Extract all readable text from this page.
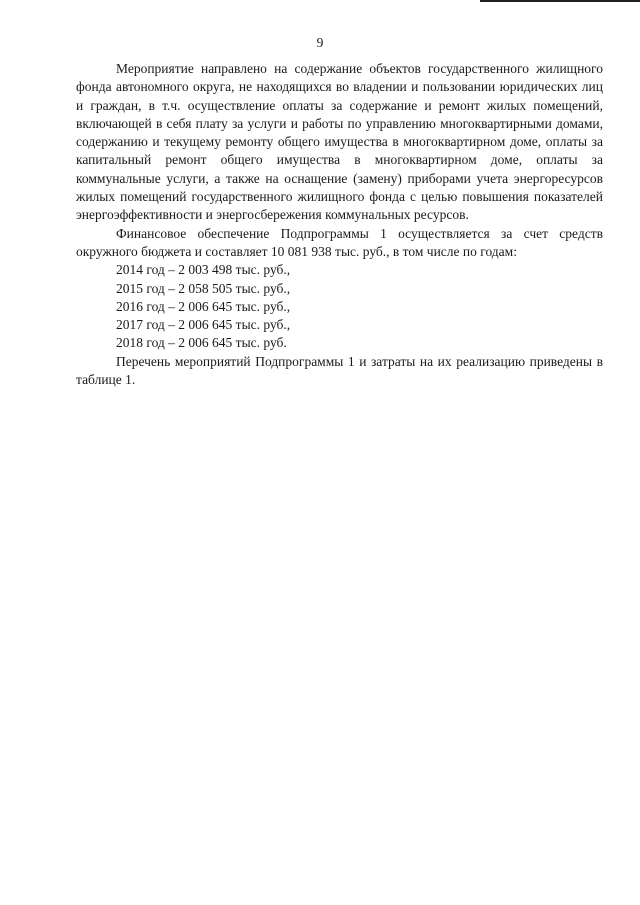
9

Мероприятие направлено на содержание объектов государственного жилищного фонда автономного округа, не находящихся во владении и пользовании юридических лиц и граждан, в т.ч. осуществление оплаты за содержание и ремонт жилых помещений, включающей в себя плату за услуги и работы по управлению многоквартирными домами, содержанию и текущему ремонту общего имущества в многоквартирном доме, оплаты за капитальный ремонт общего имущества в многоквартирном доме, оплаты за коммунальные услуги, а также на оснащение (замену) приборами учета энергоресурсов жилых помещений государственного жилищного фонда с целью повышения показателей энергоэффективности и энергосбережения коммунальных ресурсов.

Финансовое обеспечение Подпрограммы 1 осуществляется за счет средств окружного бюджета и составляет 10 081 938 тыс. руб., в том числе по годам:

2014 год – 2 003 498 тыс. руб.,

2015 год – 2 058 505 тыс. руб.,

2016 год – 2 006 645 тыс. руб.,

2017 год – 2 006 645 тыс. руб.,

2018 год – 2 006 645 тыс. руб.

Перечень мероприятий Подпрограммы 1 и затраты на их реализацию приведены в таблице 1.
